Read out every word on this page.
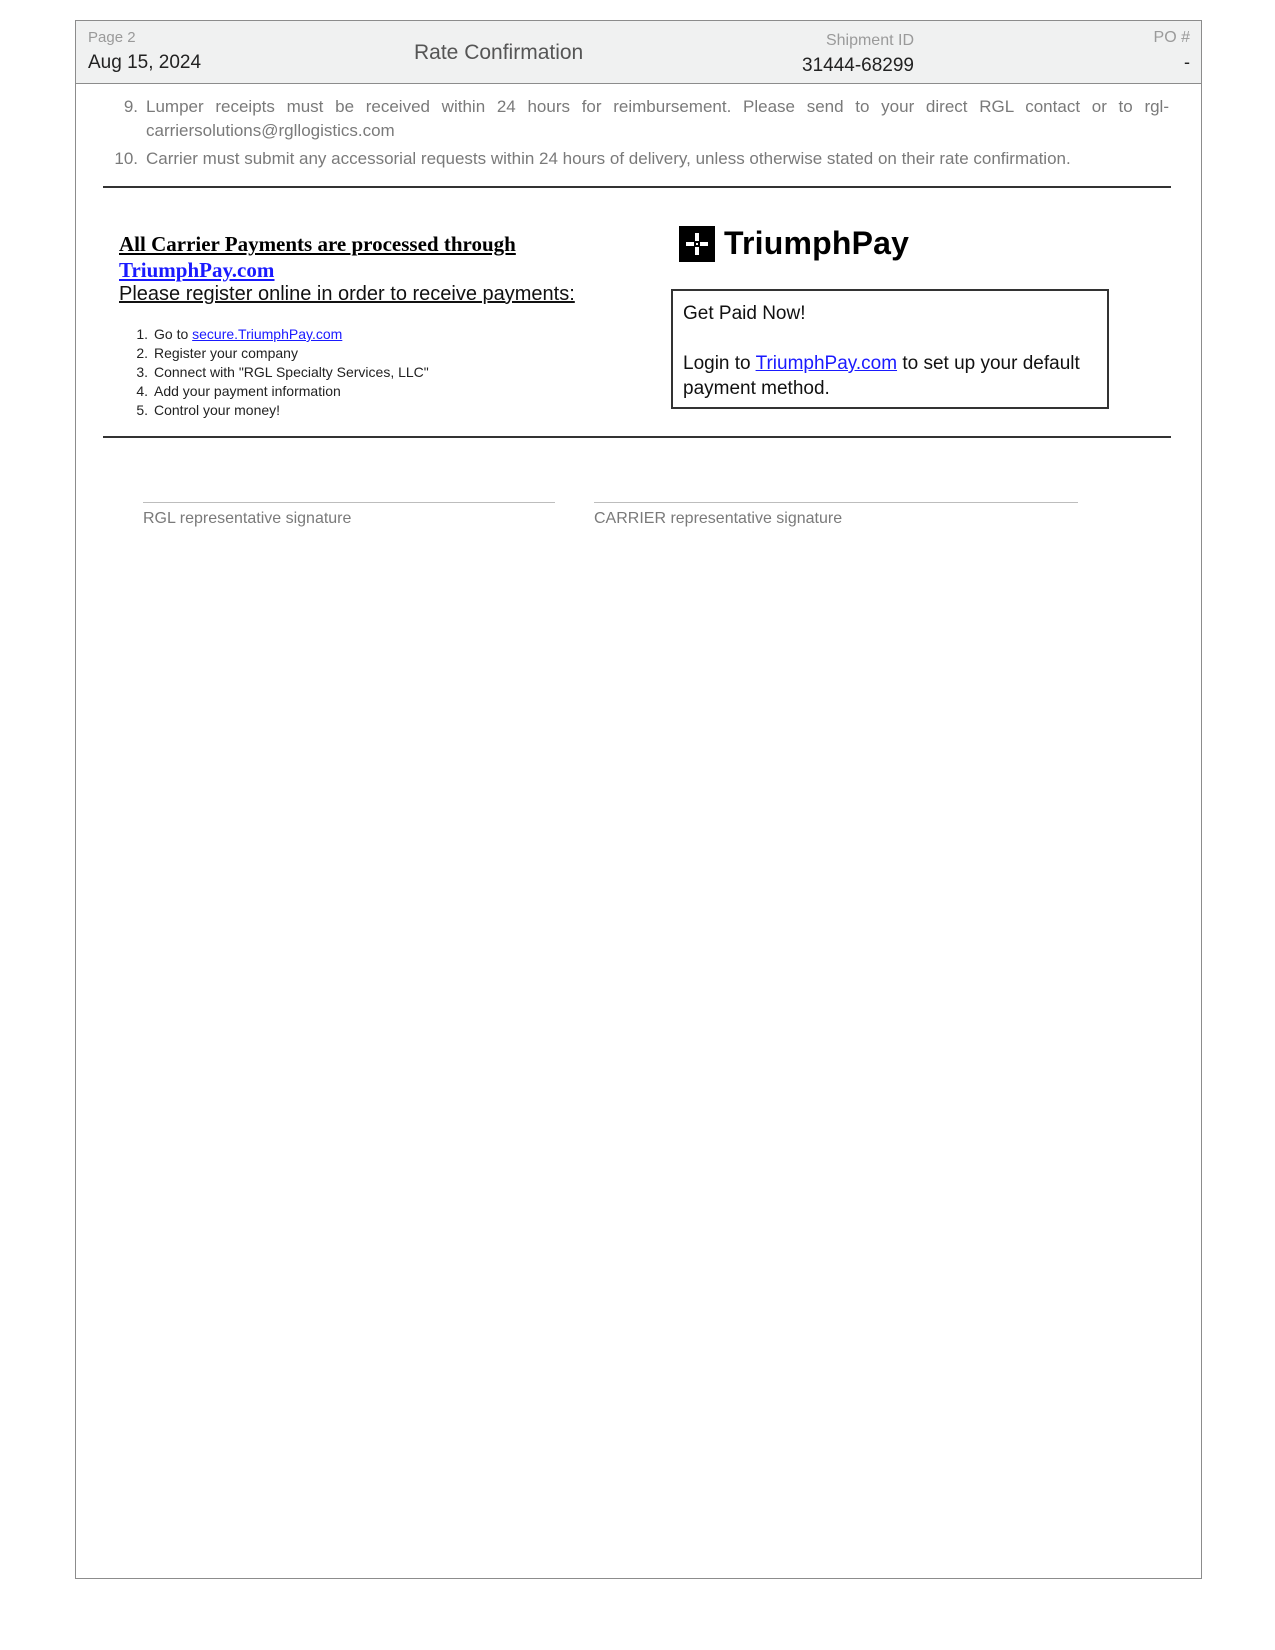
Page 2
Aug 15, 2024	Rate Confirmation
Shipment ID
31444-68299
PO #
-
9. Lumper receipts must be received within 24 hours for reimbursement. Please send to your direct RGL contact or to rgl-carriersolutions@rgllogistics.com
10. Carrier must submit any accessorial requests within 24 hours of delivery, unless otherwise stated on their rate confirmation.
All Carrier Payments are processed through
TriumphPay.com
Please register online in order to receive payments:
1. Go to secure.TriumphPay.com
2. Register your company
3. Connect with "RGL Specialty Services, LLC"
4. Add your payment information
5. Control your money!
TriumphPay

Get Paid Now!

Login to TriumphPay.com to set up your default payment method.

RGL representative signature	CARRIER representative signature
